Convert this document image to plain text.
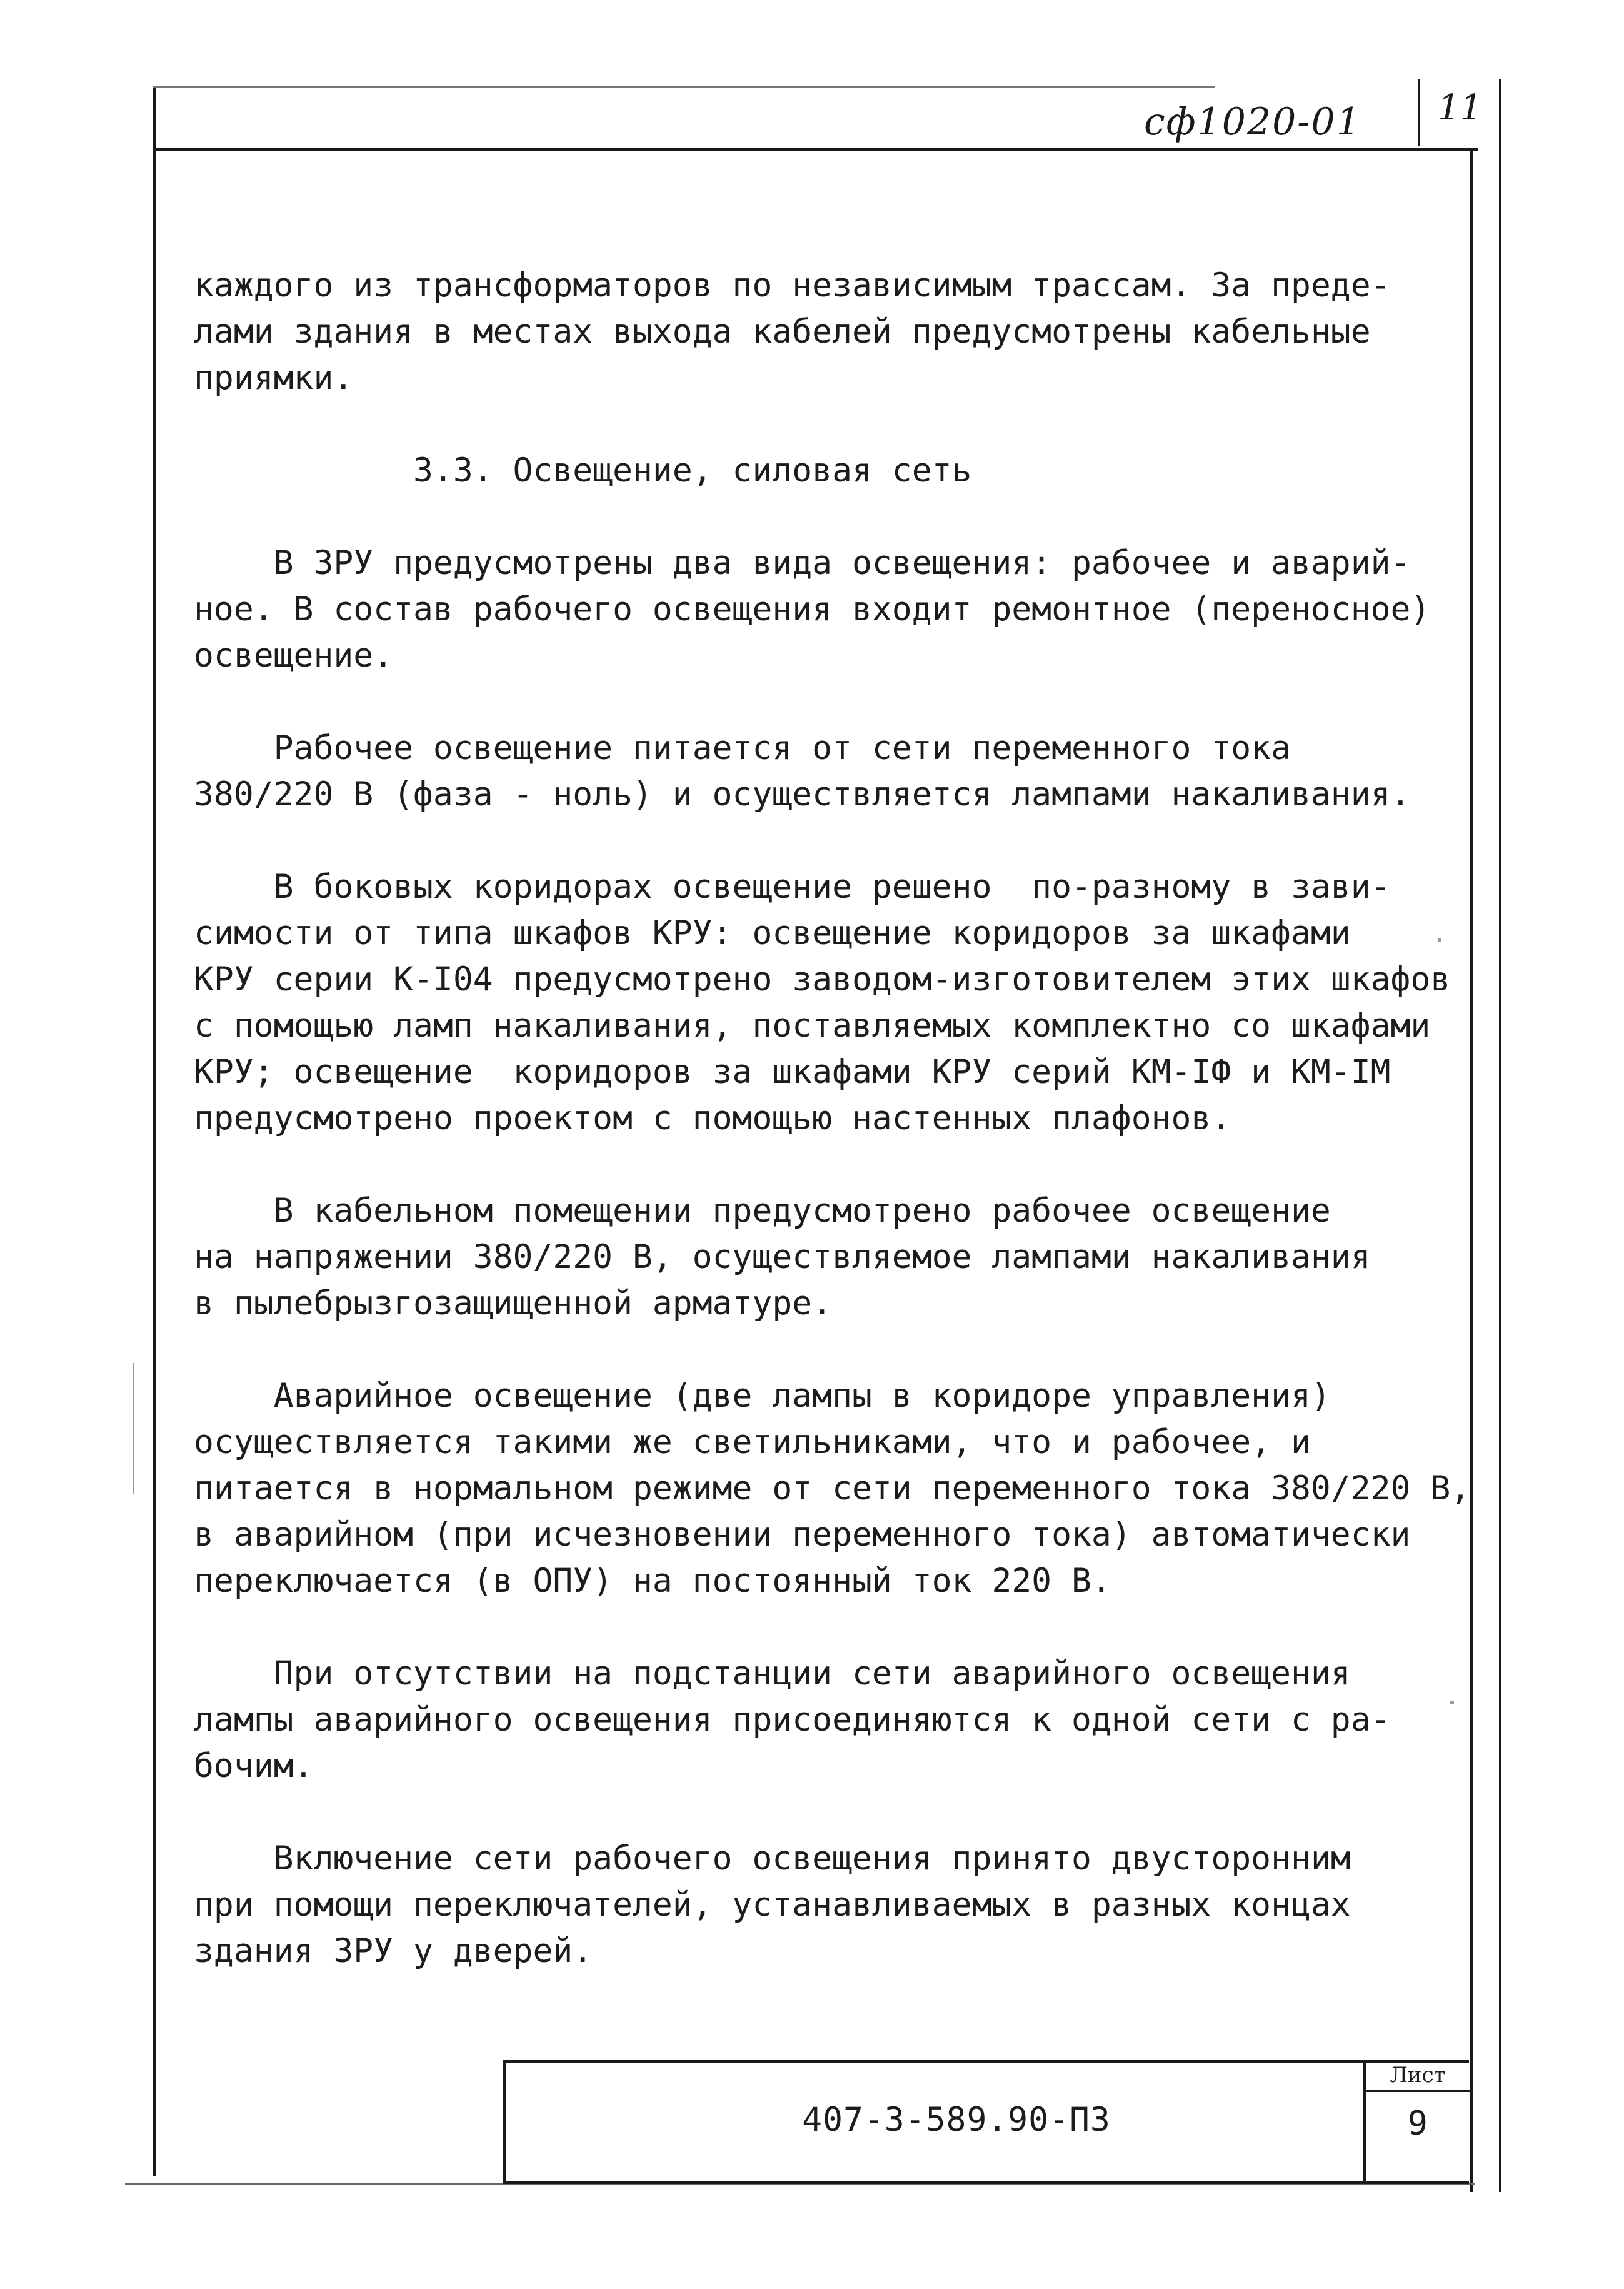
сф1020-01	11

каждого из трансформаторов по независимым трассам. За преде-

лами здания в местах выхода кабелей предусмотрены кабельные

приямки.

3.3. Освещение, силовая сеть

В ЗРУ предусмотрены два вида освещения: рабочее и аварий-

ное. В состав рабочего освещения входит ремонтное (переносное)

освещение.

Рабочее освещение питается от сети переменного тока

380/220 В (фаза - ноль) и осуществляется лампами накаливания.

В боковых коридорах освещение решено  по-разному в зави-

симости от типа шкафов КРУ: освещение коридоров за шкафами

КРУ серии К-I04 предусмотрено заводом-изготовителем этих шкафов

с помощью ламп накаливания, поставляемых комплектно со шкафами

КРУ; освещение  коридоров за шкафами КРУ серий КМ-IФ и КМ-IМ

предусмотрено проектом с помощью настенных плафонов.

В кабельном помещении предусмотрено рабочее освещение

на напряжении 380/220 В, осуществляемое лампами накаливания

в пылебрызгозащищенной арматуре.

Аварийное освещение (две лампы в коридоре управления)

осуществляется такими же светильниками, что и рабочее, и

питается в нормальном режиме от сети переменного тока 380/220 В,

в аварийном (при исчезновении переменного тока) автоматически

переключается (в ОПУ) на постоянный ток 220 В.

При отсутствии на подстанции сети аварийного освещения

лампы аварийного освещения присоединяются к одной сети с ра-

бочим.

Включение сети рабочего освещения принято двусторонним

при помощи переключателей, устанавливаемых в разных концах

здания ЗРУ у дверей.

407-3-589.90-ПЗ
Лист
9
